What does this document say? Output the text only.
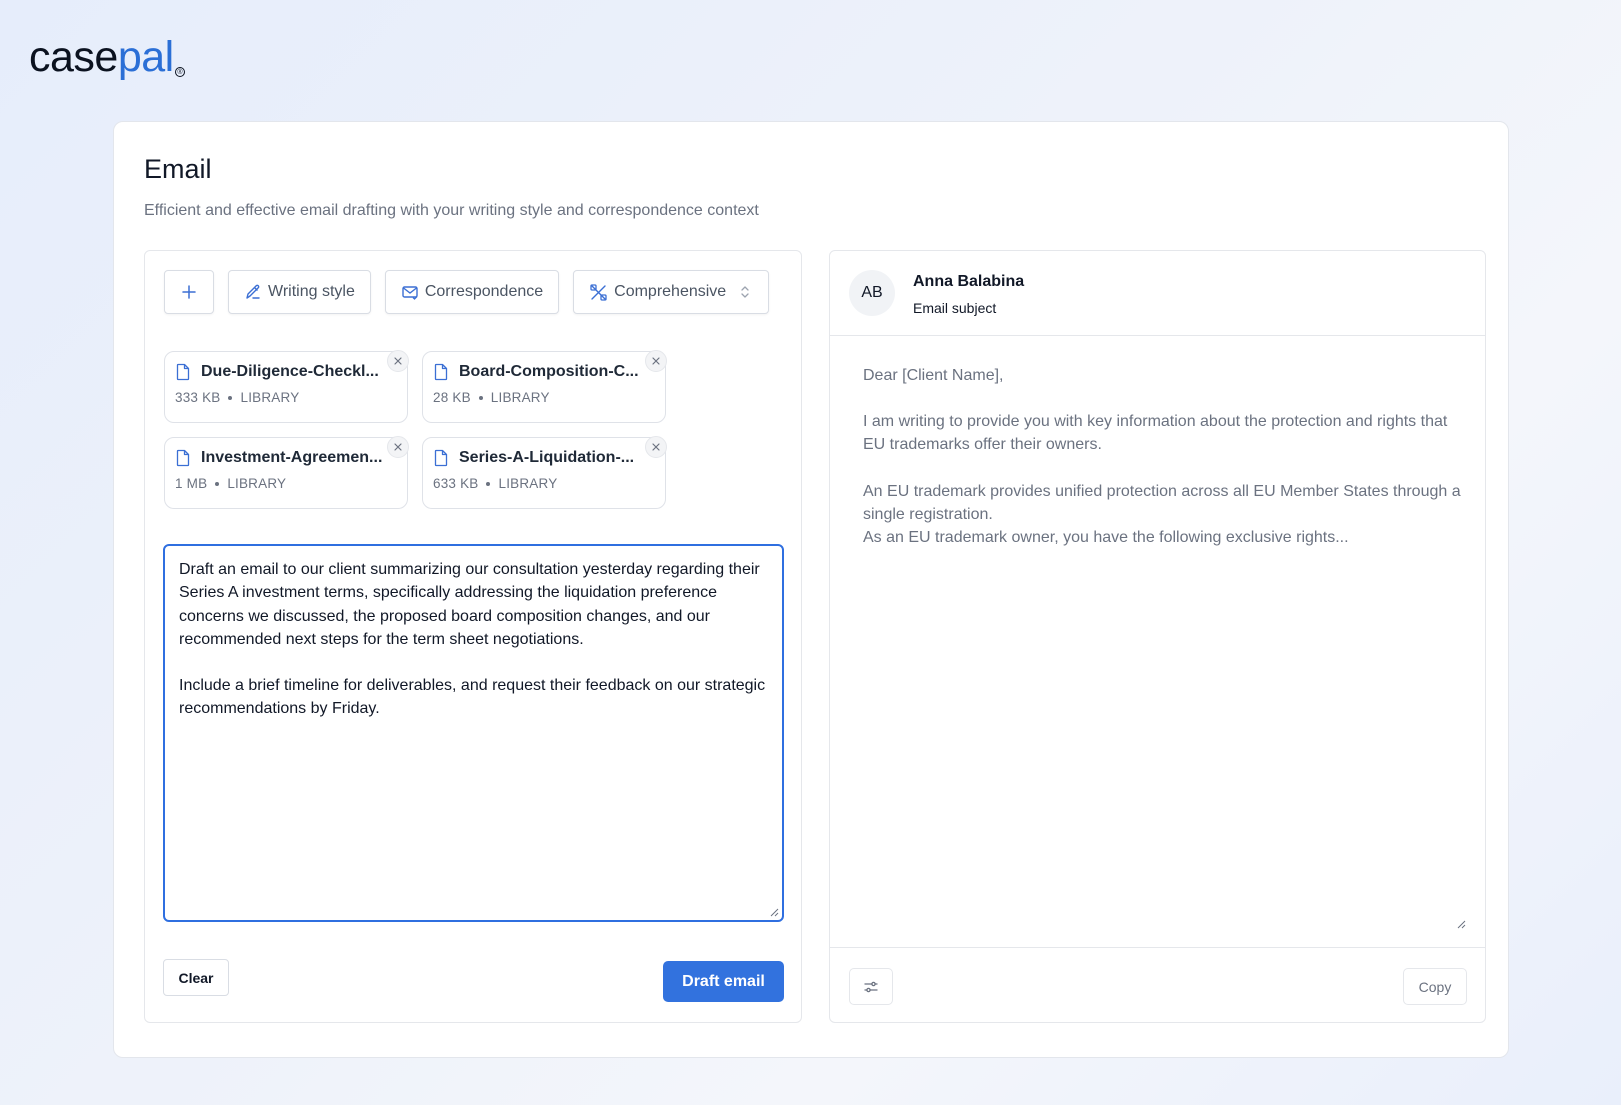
case pal ®
Email
Efficient and effective email drafting with your writing style and correspondence context
Writing style	Correspondence	Comprehensive
Due-Diligence-Checkl...
333 KB LIBRARY
Board-Composition-C...
28 KB LIBRARY
Investment-Agreemen...
1 MB LIBRARY
Series-A-Liquidation-...
633 KB LIBRARY

Draft an email to our client summarizing our consultation yesterday regarding their Series A investment terms, specifically addressing the liquidation preference concerns we discussed, the proposed board composition changes, and our recommended next steps for the term sheet negotiations.

Include a brief timeline for deliverables, and request their feedback on our strategic recommendations by Friday.

Clear	Draft email
AB
Anna Balabina
Email subject
Dear [Client Name],
I am writing to provide you with key information about the protection and rights that EU trademarks offer their owners.
An EU trademark provides unified protection across all EU Member States through a single registration.
As an EU trademark owner, you have the following exclusive rights...
Copy
